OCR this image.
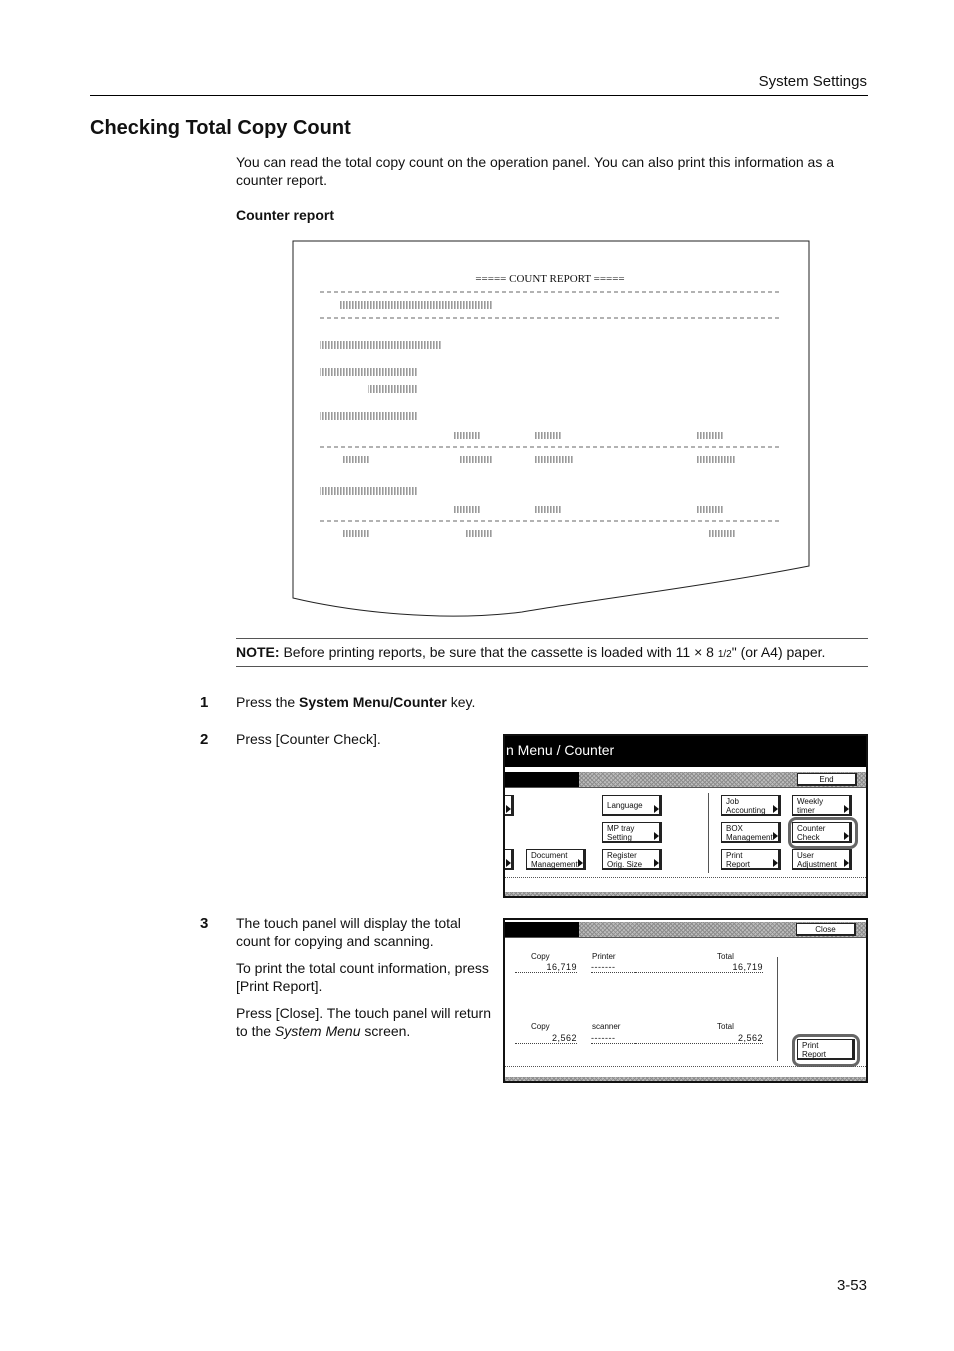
System Settings
Checking Total Copy Count
You can read the total copy count on the operation panel. You can also print this information as a counter report.
Counter report
===== COUNT REPORT =====
NOTE: Before printing reports, be sure that the cassette is loaded with 11 × 8 1/2" (or A4) paper.
1 Press the System Menu/Counter key.
2 Press [Counter Check].
n Menu / Counter
End
Language
MP tray
Setting
Document
Management
Register
Orig. Size
Job
Accounting
BOX
Management
Print
Report
Weekly
timer
Counter
Check
User
Adjustment
3 The touch panel will display the total count for copying and scanning.
To print the total count information, press [Print Report].
Press [Close]. The touch panel will return to the System Menu screen.
Close
Copy	Printer	Total
16,719 -------	16,719
Copy	scanner	Total
2,562 -------	2,562
Print
Report
3-53
